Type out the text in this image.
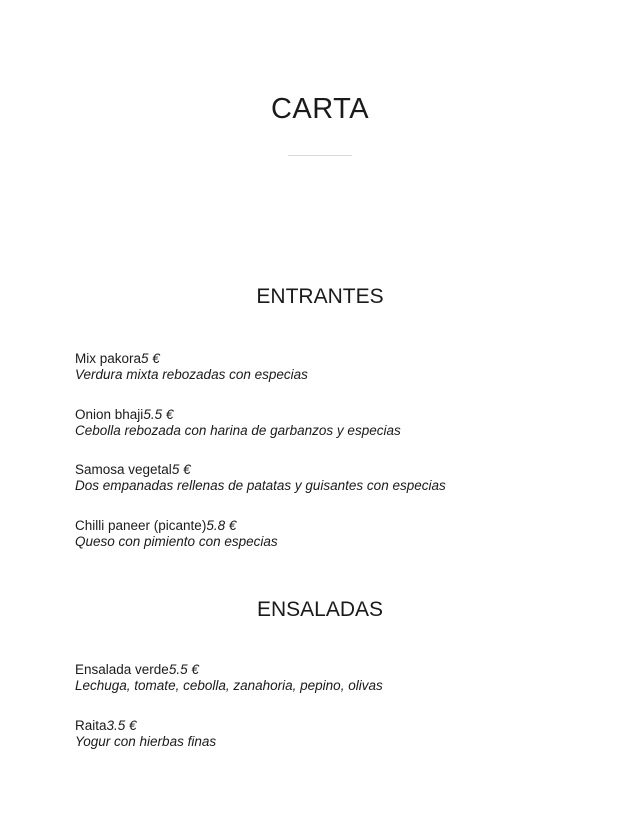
CARTA
ENTRANTES
Mix pakora5 €
Verdura mixta rebozadas con especias
Onion bhaji5.5 €
Cebolla rebozada con harina de garbanzos y especias
Samosa vegetal5 €
Dos empanadas rellenas de patatas y guisantes con especias
Chilli paneer (picante)5.8 €
Queso con pimiento con especias
ENSALADAS
Ensalada verde5.5 €
Lechuga, tomate, cebolla, zanahoria, pepino, olivas
Raita3.5 €
Yogur con hierbas finas
